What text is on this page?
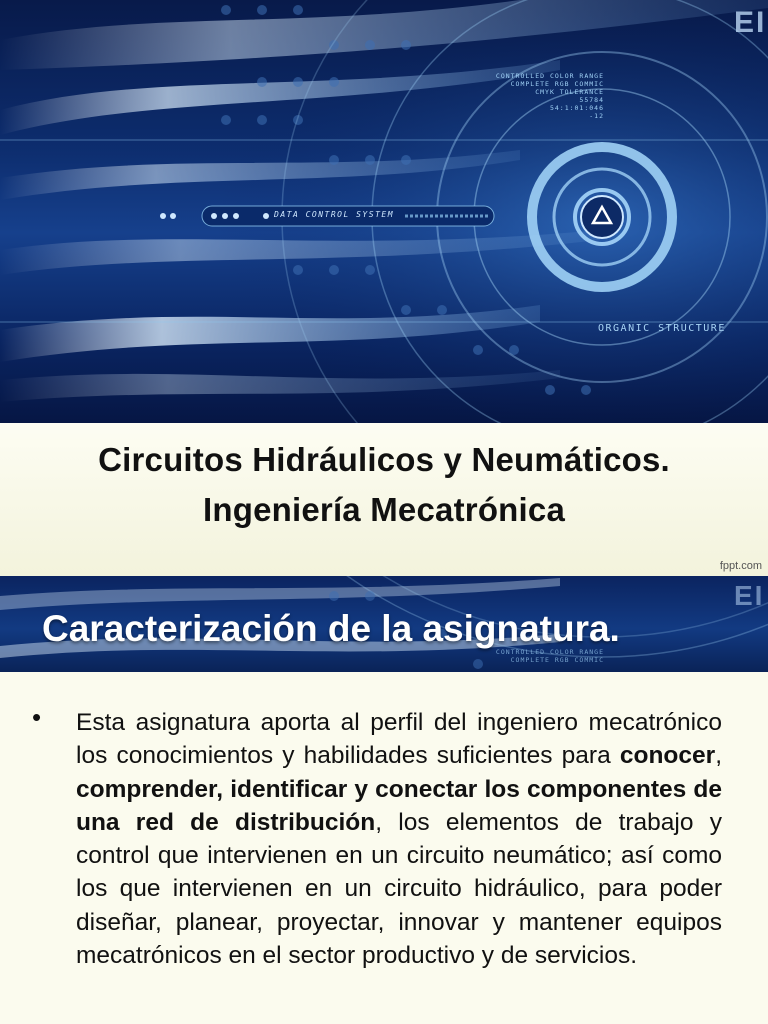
CONTROLLED COLOR RANGE
COMPLETE RGB COMMIC
CMYK TOLERANCE
55784
54:1:01:046
-12
DATA CONTROL SYSTEM
ORGANIC STRUCTURE
EI
Circuitos Hidráulicos y Neumáticos.
Ingeniería Mecatrónica
fppt.com
EI
CONTROLLED COLOR RANGE
COMPLETE RGB COMMIC
Caracterización de la asignatura.
• Esta asignatura aporta al perfil del ingeniero mecatrónico los conocimientos y habilidades suficientes para conocer, comprender, identificar y conectar los componentes de una red de distribución, los elementos de trabajo y control que intervienen en un circuito neumático; así como los que intervienen en un circuito hidráulico, para poder diseñar, planear, proyectar, innovar y mantener equipos mecatrónicos en el sector productivo y de servicios.
